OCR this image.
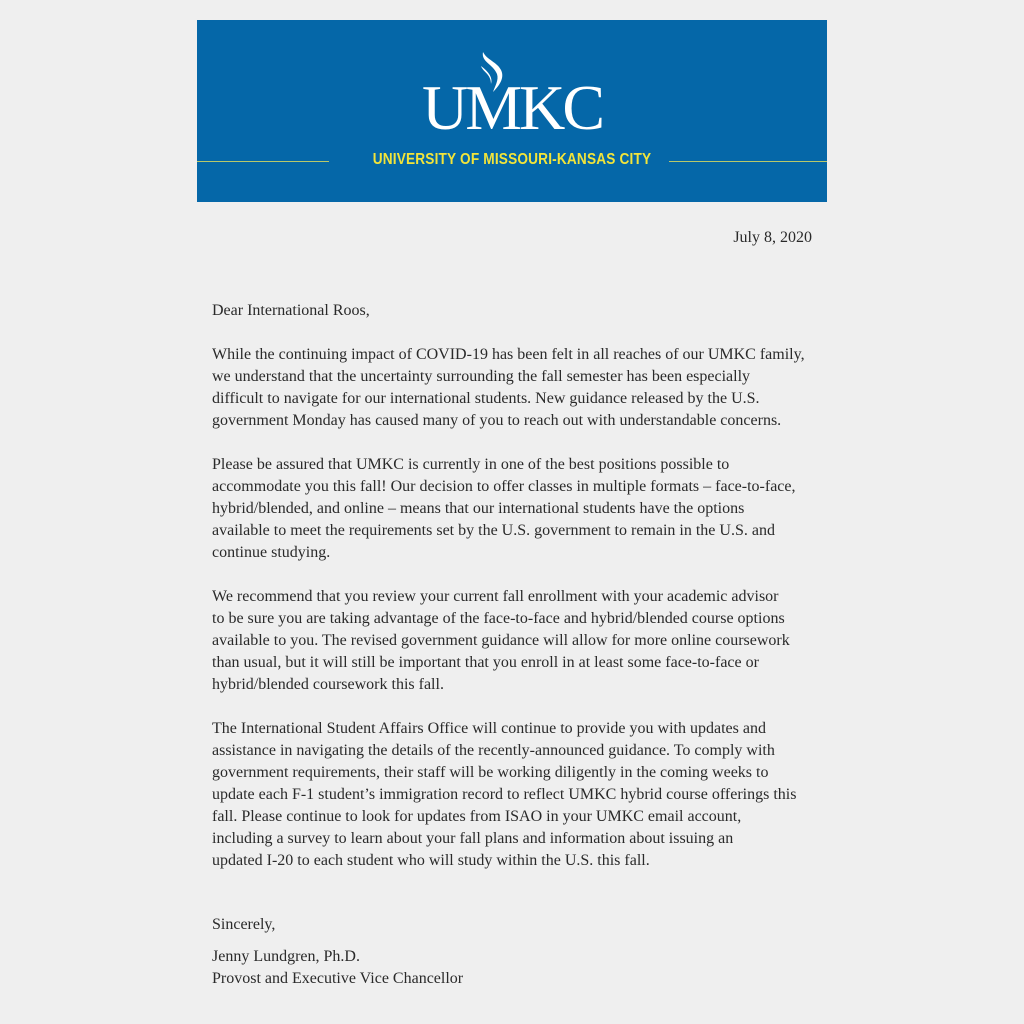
UMKC
UNIVERSITY OF MISSOURI-KANSAS CITY
July 8, 2020
Dear International Roos,
While the continuing impact of COVID-19 has been felt in all reaches of our UMKC family,
we understand that the uncertainty surrounding the fall semester has been especially
difficult to navigate for our international students. New guidance released by the U.S.
government Monday has caused many of you to reach out with understandable concerns.
Please be assured that UMKC is currently in one of the best positions possible to
accommodate you this fall! Our decision to offer classes in multiple formats – face-to-face,
hybrid/blended, and online – means that our international students have the options
available to meet the requirements set by the U.S. government to remain in the U.S. and
continue studying.
We recommend that you review your current fall enrollment with your academic advisor
to be sure you are taking advantage of the face-to-face and hybrid/blended course options
available to you. The revised government guidance will allow for more online coursework
than usual, but it will still be important that you enroll in at least some face-to-face or
hybrid/blended coursework this fall.
The International Student Affairs Office will continue to provide you with updates and
assistance in navigating the details of the recently-announced guidance. To comply with
government requirements, their staff will be working diligently in the coming weeks to
update each F-1 student’s immigration record to reflect UMKC hybrid course offerings this
fall. Please continue to look for updates from ISAO in your UMKC email account,
including a survey to learn about your fall plans and information about issuing an
updated I-20 to each student who will study within the U.S. this fall.
Sincerely,
Jenny Lundgren, Ph.D.
Provost and Executive Vice Chancellor
